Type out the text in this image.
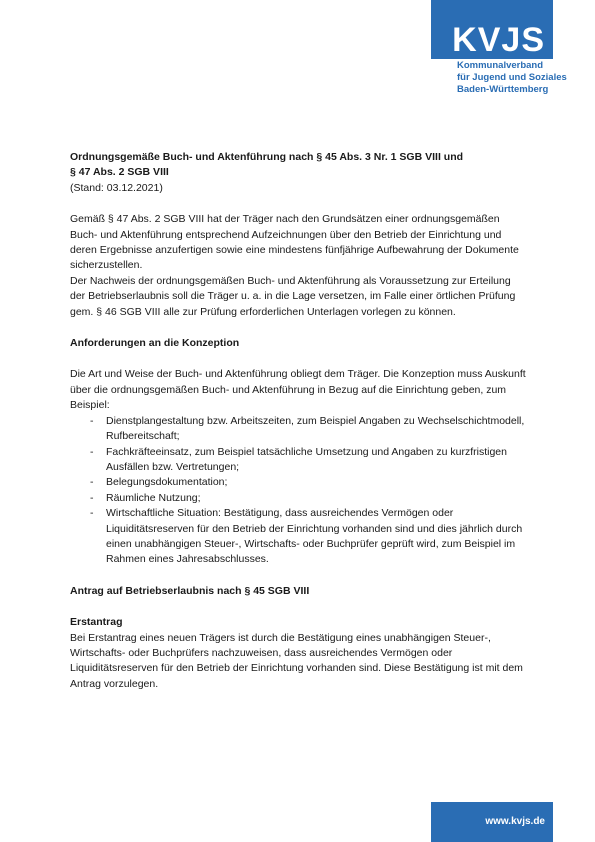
KVJS
Kommunalverband
für Jugend und Soziales
Baden-Württemberg

Ordnungsgemäße Buch- und Aktenführung nach § 45 Abs. 3 Nr. 1 SGB VIII und

§ 47 Abs. 2 SGB VIII

(Stand: 03.12.2021)

Gemäß § 47 Abs. 2 SGB VIII hat der Träger nach den Grundsätzen einer ordnungsgemäßen Buch- und Aktenführung entsprechend Aufzeichnungen über den Betrieb der Einrichtung und deren Ergebnisse anzufertigen sowie eine mindestens fünfjährige Aufbewahrung der Dokumente sicherzustellen.

Der Nachweis der ordnungsgemäßen Buch- und Aktenführung als Voraussetzung zur Erteilung der Betriebserlaubnis soll die Träger u. a. in die Lage versetzen, im Falle einer örtlichen Prüfung gem. § 46 SGB VIII alle zur Prüfung erforderlichen Unterlagen vorlegen zu können.

Anforderungen an die Konzeption

Die Art und Weise der Buch- und Aktenführung obliegt dem Träger. Die Konzeption muss Auskunft über die ordnungsgemäßen Buch- und Aktenführung in Bezug auf die Einrichtung geben, zum Beispiel:

- Dienstplangestaltung bzw. Arbeitszeiten, zum Beispiel Angaben zu Wechselschichtmodell, Rufbereitschaft;
- Fachkräfteeinsatz, zum Beispiel tatsächliche Umsetzung und Angaben zu kurzfristigen Ausfällen bzw. Vertretungen;
- Belegungsdokumentation;
- Räumliche Nutzung;
- Wirtschaftliche Situation: Bestätigung, dass ausreichendes Vermögen oder Liquiditätsreserven für den Betrieb der Einrichtung vorhanden sind und dies jährlich durch einen unabhängigen Steuer-, Wirtschafts- oder Buchprüfer geprüft wird, zum Beispiel im Rahmen eines Jahresabschlusses.

Antrag auf Betriebserlaubnis nach § 45 SGB VIII

Erstantrag

Bei Erstantrag eines neuen Trägers ist durch die Bestätigung eines unabhängigen Steuer-, Wirtschafts- oder Buchprüfers nachzuweisen, dass ausreichendes Vermögen oder Liquiditätsreserven für den Betrieb der Einrichtung vorhanden sind. Diese Bestätigung ist mit dem Antrag vorzulegen.

www.kvjs.de
